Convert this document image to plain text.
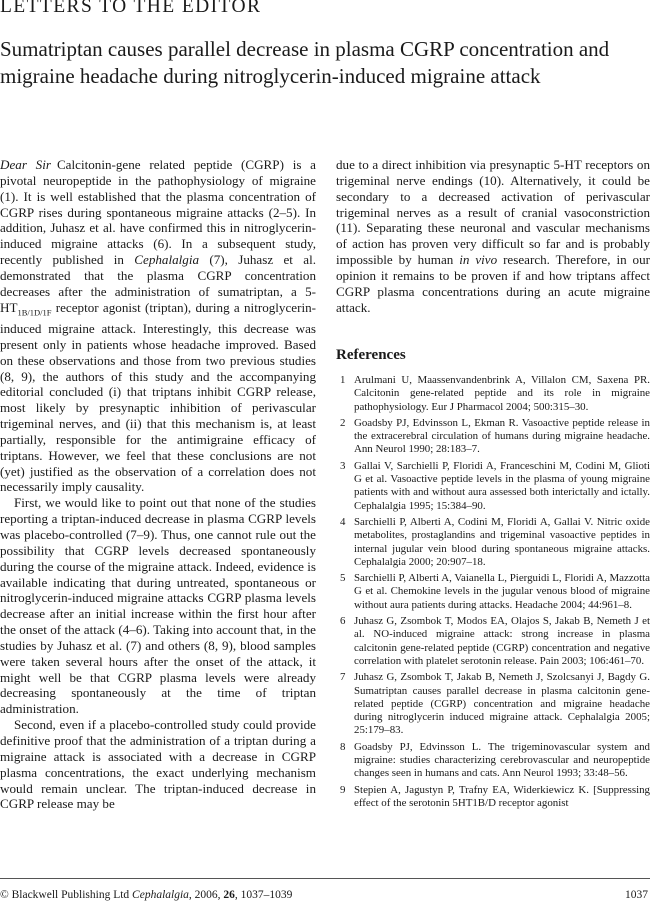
LETTERS TO THE EDITOR
Sumatriptan causes parallel decrease in plasma CGRP concentration and migraine headache during nitroglycerin-induced migraine attack

Dear Sir Calcitonin-gene related peptide (CGRP) is a pivotal neuropeptide in the pathophysiology of migraine (1). It is well established that the plasma concentration of CGRP rises during spontaneous migraine attacks (2–5). In addition, Juhasz et al. have confirmed this in nitroglycerin-induced migraine attacks (6). In a subsequent study, recently published in Cephalalgia (7), Juhasz et al. demonstrated that the plasma CGRP concentration decreases after the administration of sumatriptan, a $5-HT_{1B/1D/1F}$ receptor agonist (triptan), during a nitroglycerin-induced migraine attack. Interestingly, this decrease was present only in patients whose headache improved. Based on these observations and those from two previous studies (8, 9), the authors of this study and the accompanying editorial concluded (i) that triptans inhibit CGRP release, most likely by presynaptic inhibition of perivascular trigeminal nerves, and (ii) that this mechanism is, at least partially, responsible for the antimigraine efficacy of triptans. However, we feel that these conclusions are not (yet) justified as the observation of a correlation does not necessarily imply causality.

First, we would like to point out that none of the studies reporting a triptan-induced decrease in plasma CGRP levels was placebo-controlled (7–9). Thus, one cannot rule out the possibility that CGRP levels decreased spontaneously during the course of the migraine attack. Indeed, evidence is available indicating that during untreated, spontaneous or nitroglycerin-induced migraine attacks CGRP plasma levels decrease after an initial increase within the first hour after the onset of the attack (4–6). Taking into account that, in the studies by Juhasz et al. (7) and others (8, 9), blood samples were taken several hours after the onset of the attack, it might well be that CGRP plasma levels were already decreasing spontaneously at the time of triptan administration.

Second, even if a placebo-controlled study could provide definitive proof that the administration of a triptan during a migraine attack is associated with a decrease in CGRP plasma concentrations, the exact underlying mechanism would remain unclear. The triptan-induced decrease in CGRP release may be

due to a direct inhibition via presynaptic 5-HT receptors on trigeminal nerve endings (10). Alternatively, it could be secondary to a decreased activation of perivascular trigeminal nerves as a result of cranial vasoconstriction (11). Separating these neuronal and vascular mechanisms of action has proven very difficult so far and is probably impossible by human in vivo research. Therefore, in our opinion it remains to be proven if and how triptans affect CGRP plasma concentrations during an acute migraine attack.

References
1 Arulmani U, Maassenvandenbrink A, Villalon CM, Saxena PR. Calcitonin gene-related peptide and its role in migraine pathophysiology. Eur J Pharmacol 2004; 500:315–30.
2 Goadsby PJ, Edvinsson L, Ekman R. Vasoactive peptide release in the extracerebral circulation of humans during migraine headache. Ann Neurol 1990; 28:183–7.
3 Gallai V, Sarchielli P, Floridi A, Franceschini M, Codini M, Glioti G et al. Vasoactive peptide levels in the plasma of young migraine patients with and without aura assessed both interictally and ictally. Cephalalgia 1995; 15:384–90.
4 Sarchielli P, Alberti A, Codini M, Floridi A, Gallai V. Nitric oxide metabolites, prostaglandins and trigeminal vasoactive peptides in internal jugular vein blood during spontaneous migraine attacks. Cephalalgia 2000; 20:907–18.
5 Sarchielli P, Alberti A, Vaianella L, Pierguidi L, Floridi A, Mazzotta G et al. Chemokine levels in the jugular venous blood of migraine without aura patients during attacks. Headache 2004; 44:961–8.
6 Juhasz G, Zsombok T, Modos EA, Olajos S, Jakab B, Nemeth J et al. NO-induced migraine attack: strong increase in plasma calcitonin gene-related peptide (CGRP) concentration and negative correlation with platelet serotonin release. Pain 2003; 106:461–70.
7 Juhasz G, Zsombok T, Jakab B, Nemeth J, Szolcsanyi J, Bagdy G. Sumatriptan causes parallel decrease in plasma calcitonin gene-related peptide (CGRP) concentration and migraine headache during nitroglycerin induced migraine attack. Cephalalgia 2005; 25:179–83.
8 Goadsby PJ, Edvinsson L. The trigeminovascular system and migraine: studies characterizing cerebrovascular and neuropeptide changes seen in humans and cats. Ann Neurol 1993; 33:48–56.
9 Stepien A, Jagustyn P, Trafny EA, Widerkiewicz K. [Suppressing effect of the serotonin 5HT1B/D receptor agonist
© Blackwell Publishing Ltd Cephalalgia, 2006, 26, 1037–1039	1037
